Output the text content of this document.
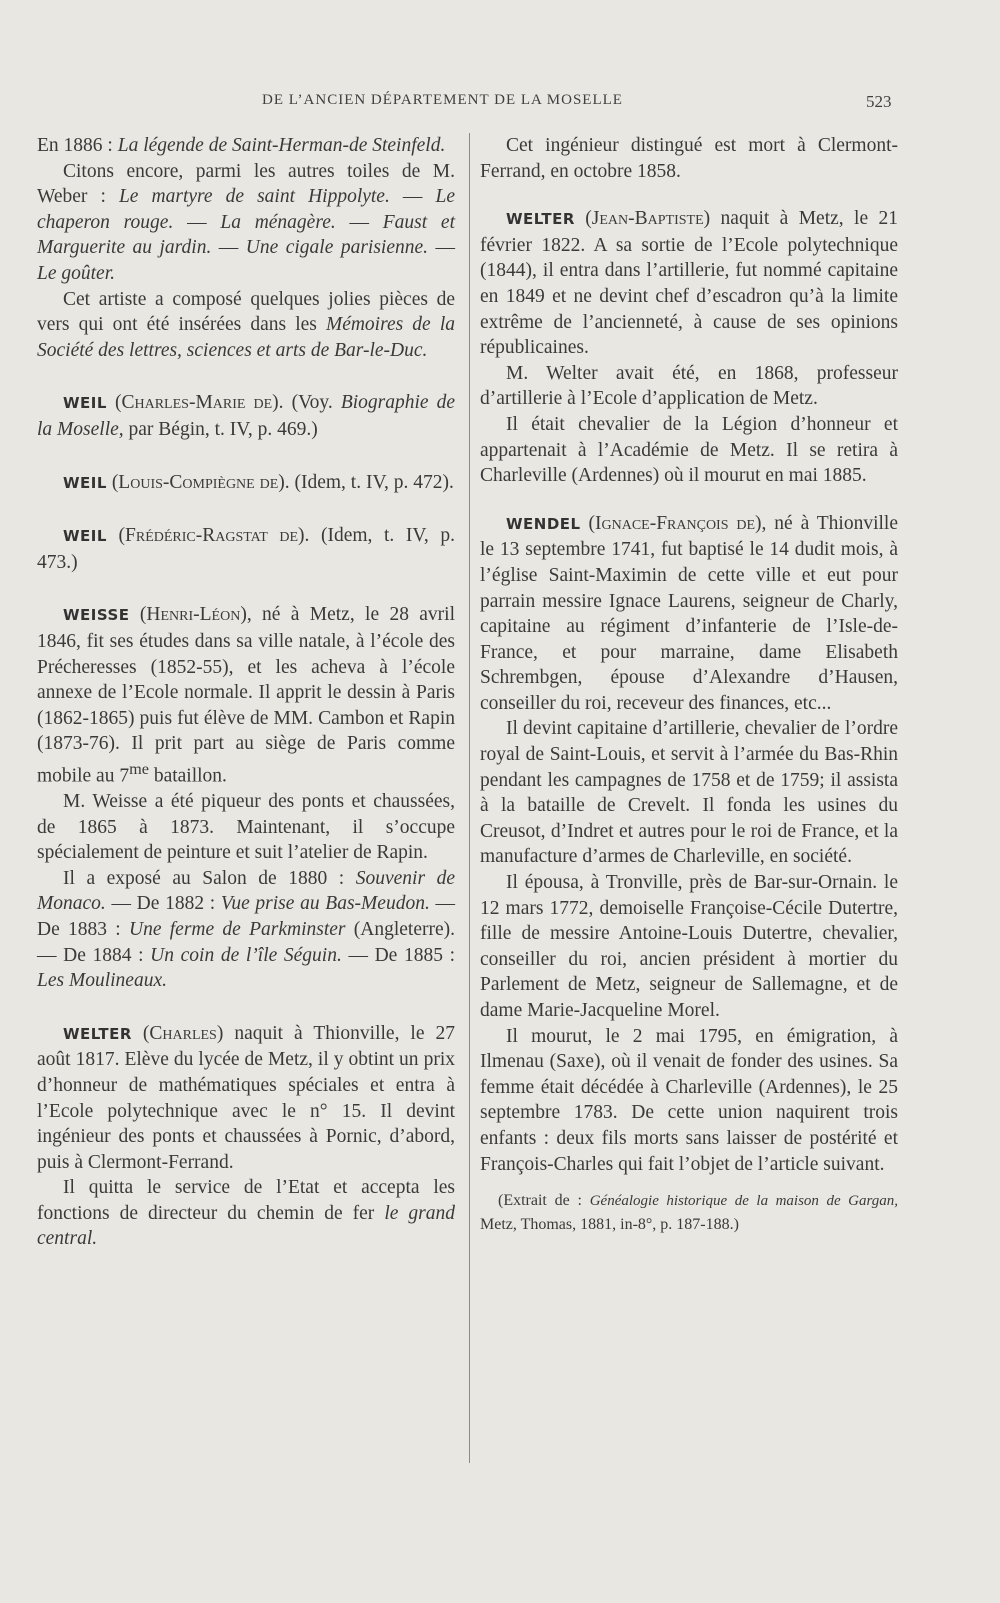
DE L’ANCIEN DÉPARTEMENT DE LA MOSELLE	523

En 1886 : La légende de Saint-Herman-de Steinfeld.

Citons encore, parmi les autres toiles de M. Weber : Le martyre de saint Hippolyte. — Le chaperon rouge. — La ménagère. — Faust et Marguerite au jardin. — Une cigale parisienne. — Le goûter.

Cet artiste a composé quelques jolies pièces de vers qui ont été insérées dans les Mémoires de la Société des lettres, sciences et arts de Bar-le-Duc.

WEIL (Charles-Marie de). (Voy. Biographie de la Moselle, par Bégin, t. IV, p. 469.)

WEIL (Louis-Compiègne de). (Idem, t. IV, p. 472).

WEIL (Frédéric-Ragstat de). (Idem, t. IV, p. 473.)

WEISSE (Henri-Léon), né à Metz, le 28 avril 1846, fit ses études dans sa ville natale, à l’école des Précheresses (1852-55), et les acheva à l’école annexe de l’Ecole normale. Il apprit le dessin à Paris (1862-1865) puis fut élève de MM. Cambon et Rapin (1873-76). Il prit part au siège de Paris comme mobile au $7^{me}$ bataillon.

M. Weisse a été piqueur des ponts et chaussées, de 1865 à 1873. Maintenant, il s’occupe spécialement de peinture et suit l’atelier de Rapin.

Il a exposé au Salon de 1880 : Souvenir de Monaco. — De 1882 : Vue prise au Bas-Meudon. — De 1883 : Une ferme de Parkminster (Angleterre). — De 1884 : Un coin de l’île Séguin. — De 1885 : Les Moulineaux.

WELTER (Charles) naquit à Thionville, le 27 août 1817. Elève du lycée de Metz, il y obtint un prix d’honneur de mathématiques spéciales et entra à l’Ecole polytechnique avec le n° 15. Il devint ingénieur des ponts et chaussées à Pornic, d’abord, puis à Clermont-Ferrand.

Il quitta le service de l’Etat et accepta les fonctions de directeur du chemin de fer le grand central.

Cet ingénieur distingué est mort à Clermont-Ferrand, en octobre 1858.

WELTER (Jean-Baptiste) naquit à Metz, le 21 février 1822. A sa sortie de l’Ecole polytechnique (1844), il entra dans l’artillerie, fut nommé capitaine en 1849 et ne devint chef d’escadron qu’à la limite extrême de l’ancienneté, à cause de ses opinions républicaines.

M. Welter avait été, en 1868, professeur d’artillerie à l’Ecole d’application de Metz.

Il était chevalier de la Légion d’honneur et appartenait à l’Académie de Metz. Il se retira à Charleville (Ardennes) où il mourut en mai 1885.

WENDEL (Ignace-François de), né à Thionville le 13 septembre 1741, fut baptisé le 14 dudit mois, à l’église Saint-Maximin de cette ville et eut pour parrain messire Ignace Laurens, seigneur de Charly, capitaine au régiment d’infanterie de l’Isle-de-France, et pour marraine, dame Elisabeth Schrembgen, épouse d’Alexandre d’Hausen, conseiller du roi, receveur des finances, etc...

Il devint capitaine d’artillerie, chevalier de l’ordre royal de Saint-Louis, et servit à l’armée du Bas-Rhin pendant les campagnes de 1758 et de 1759; il assista à la bataille de Crevelt. Il fonda les usines du Creusot, d’Indret et autres pour le roi de France, et la manufacture d’armes de Charleville, en société.

Il épousa, à Tronville, près de Bar-sur-Ornain. le 12 mars 1772, demoiselle Françoise-Cécile Dutertre, fille de messire Antoine-Louis Dutertre, chevalier, conseiller du roi, ancien président à mortier du Parlement de Metz, seigneur de Sallemagne, et de dame Marie-Jacqueline Morel.

Il mourut, le 2 mai 1795, en émigration, à Ilmenau (Saxe), où il venait de fonder des usines. Sa femme était décédée à Charleville (Ardennes), le 25 septembre 1783. De cette union naquirent trois enfants : deux fils morts sans laisser de postérité et François-Charles qui fait l’objet de l’article suivant.

(Extrait de : Généalogie historique de la maison de Gargan, Metz, Thomas, 1881, in-8°, p. 187-188.)
